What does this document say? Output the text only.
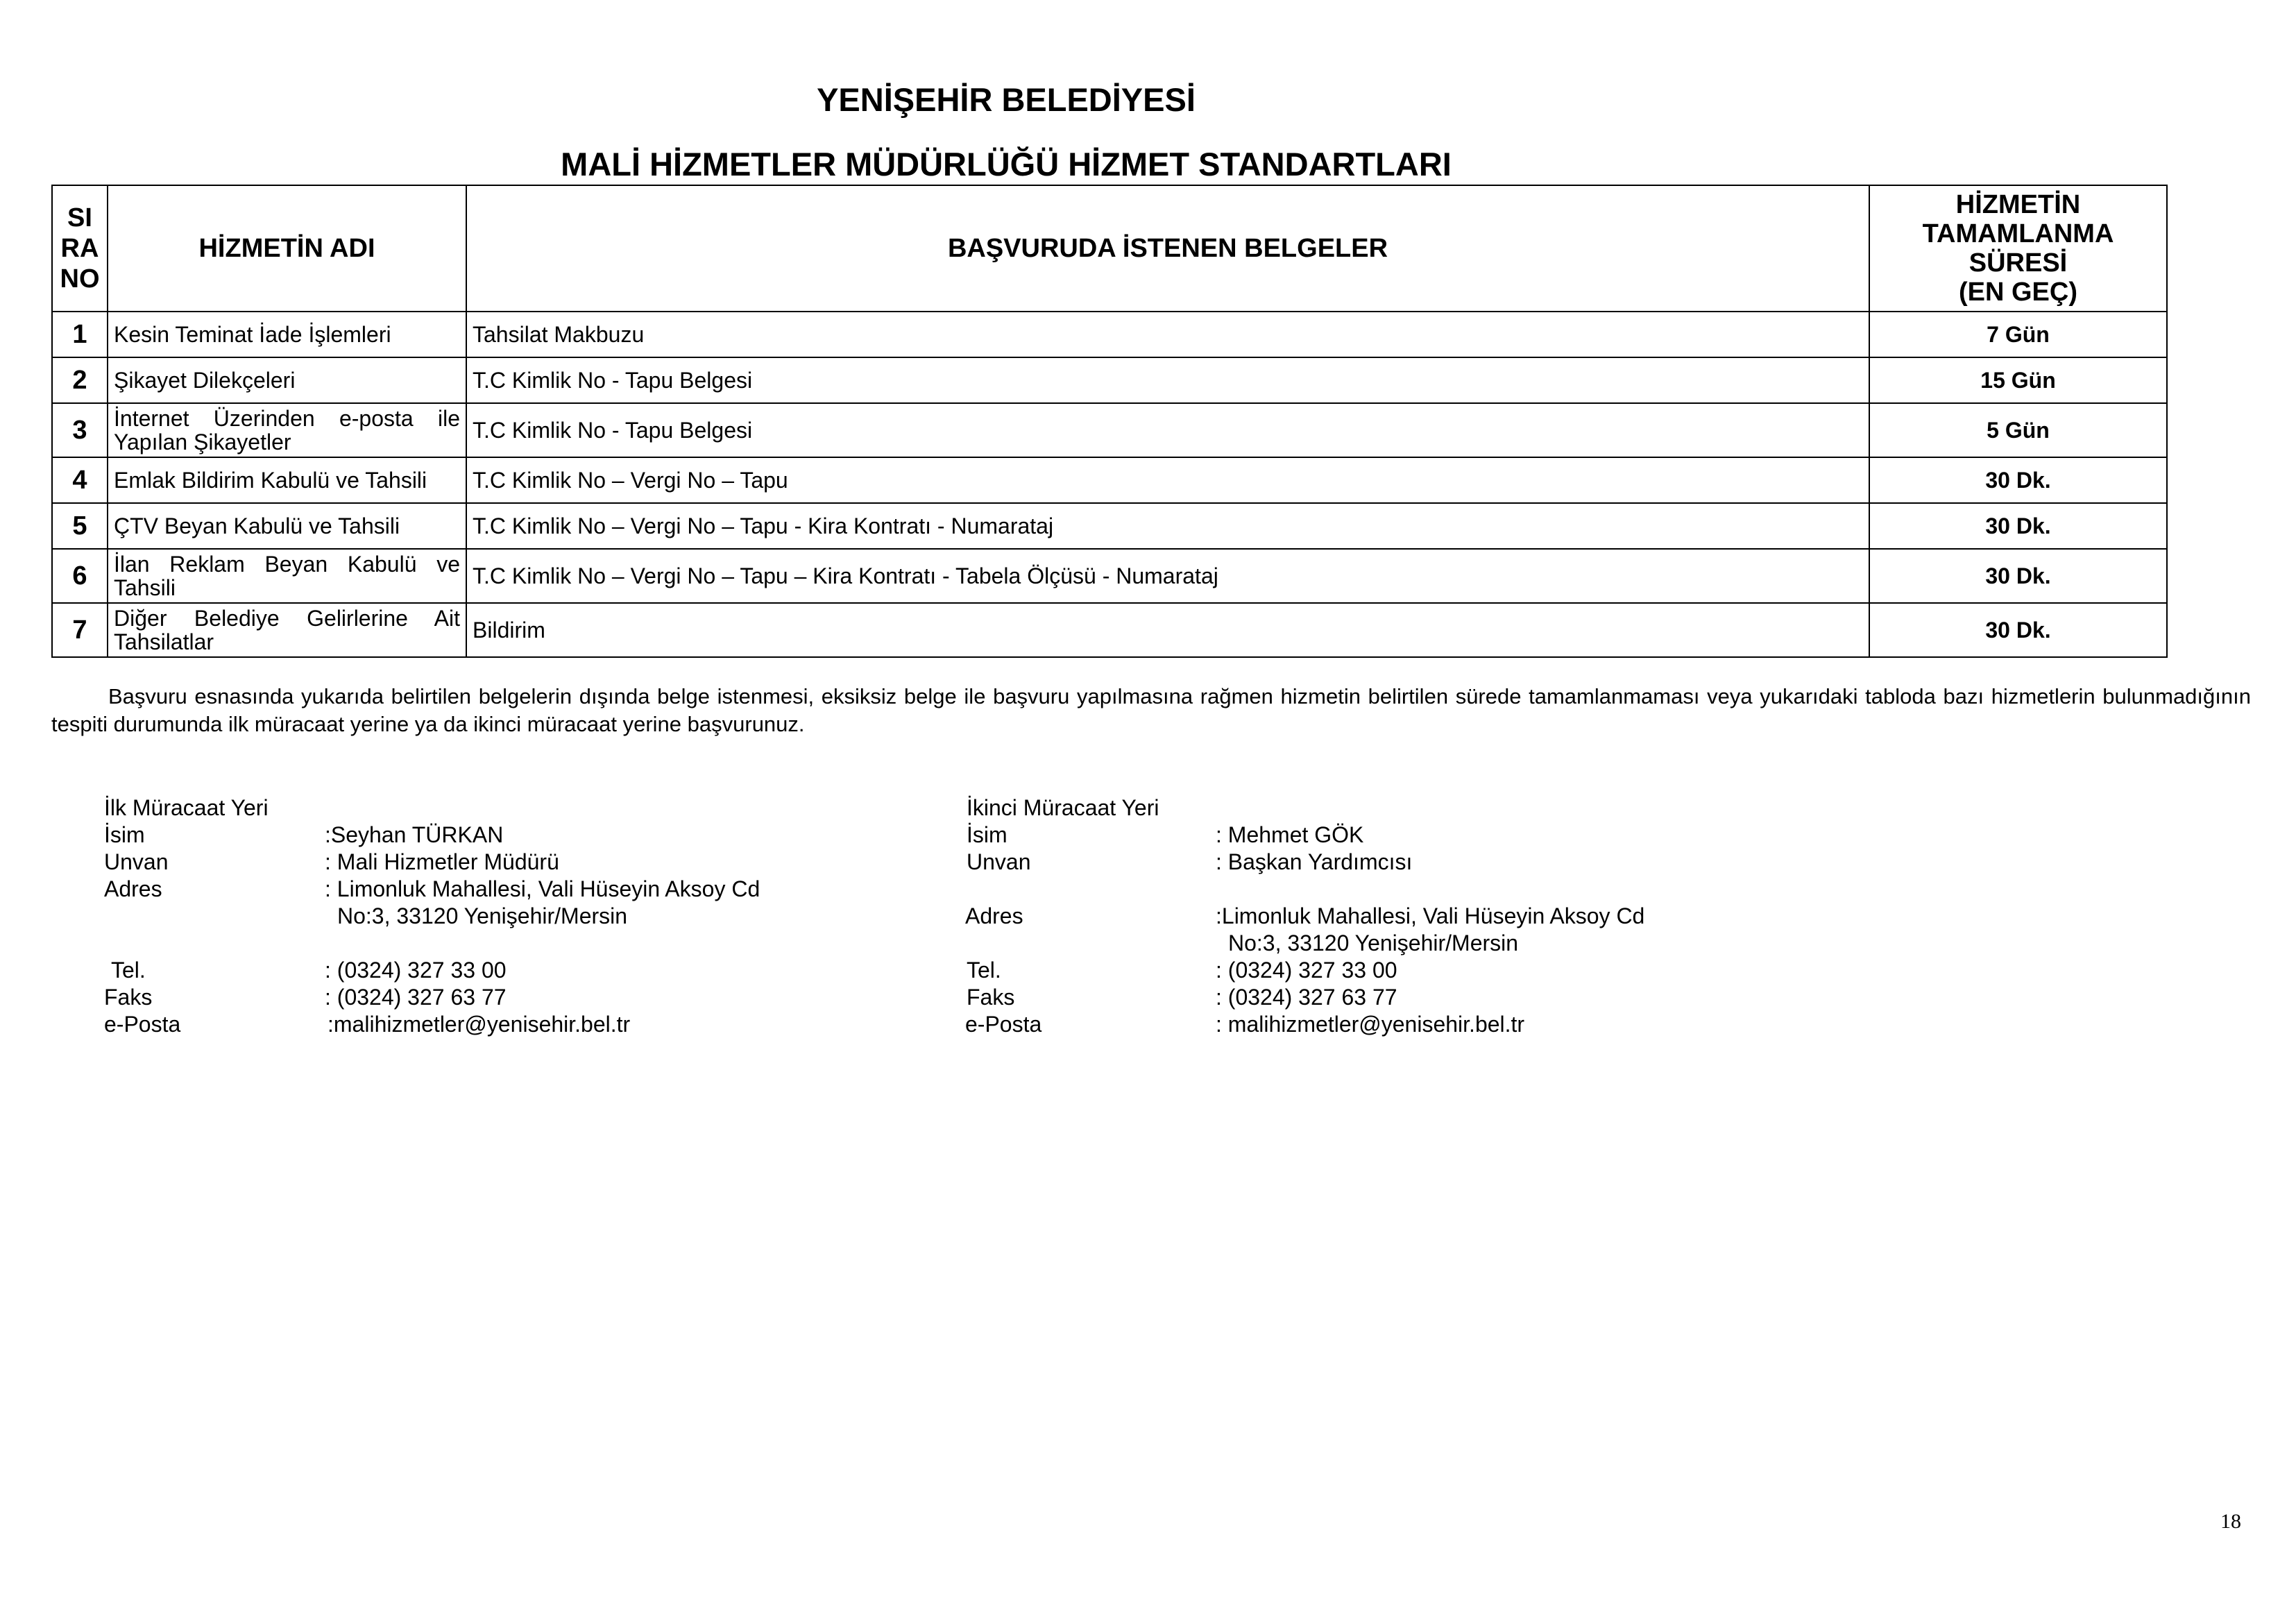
YENİŞEHİR BELEDİYESİ
MALİ HİZMETLER MÜDÜRLÜĞÜ HİZMET STANDARTLARI
SI
RA
NO	HİZMETİN ADI	BAŞVURUDA İSTENEN BELGELER	HİZMETİN
TAMAMLANMA
SÜRESİ
(EN GEÇ)
1	Kesin Teminat İade İşlemleri	Tahsilat Makbuzu	7 Gün
2	Şikayet Dilekçeleri	T.C Kimlik No - Tapu Belgesi	15 Gün
3	İnternet Üzerinden e-posta ile Yapılan Şikayetler	T.C Kimlik No - Tapu Belgesi	5 Gün
4	Emlak Bildirim Kabulü ve Tahsili	T.C Kimlik No – Vergi No – Tapu	30 Dk.
5	ÇTV Beyan Kabulü ve Tahsili	T.C Kimlik No – Vergi No – Tapu - Kira Kontratı - Numarataj	30 Dk.
6	İlan Reklam Beyan Kabulü ve Tahsili	T.C Kimlik No – Vergi No – Tapu – Kira Kontratı - Tabela Ölçüsü - Numarataj	30 Dk.
7	Diğer Belediye Gelirlerine Ait Tahsilatlar	Bildirim	30 Dk.
Başvuru esnasında yukarıda belirtilen belgelerin dışında belge istenmesi, eksiksiz belge ile başvuru yapılmasına rağmen hizmetin belirtilen sürede tamamlanmaması veya yukarıdaki tabloda bazı hizmetlerin bulunmadığının tespiti durumunda ilk müracaat yerine ya da ikinci müracaat yerine başvurunuz.
İlk Müracaat Yeri
İsim	:Seyhan TÜRKAN
Unvan	: Mali Hizmetler Müdürü
Adres	: Limonluk Mahallesi, Vali Hüseyin Aksoy Cd
No:3, 33120 Yenişehir/Mersin
Tel.	: (0324) 327 33 00
Faks	: (0324) 327 63 77
e-Posta	:malihizmetler@yenisehir.bel.tr
İkinci Müracaat Yeri
İsim	: Mehmet GÖK
Unvan	: Başkan Yardımcısı
Adres	:Limonluk Mahallesi, Vali Hüseyin Aksoy Cd
No:3, 33120 Yenişehir/Mersin
Tel.	: (0324) 327 33 00
Faks	: (0324) 327 63 77
e-Posta	: malihizmetler@yenisehir.bel.tr
18
